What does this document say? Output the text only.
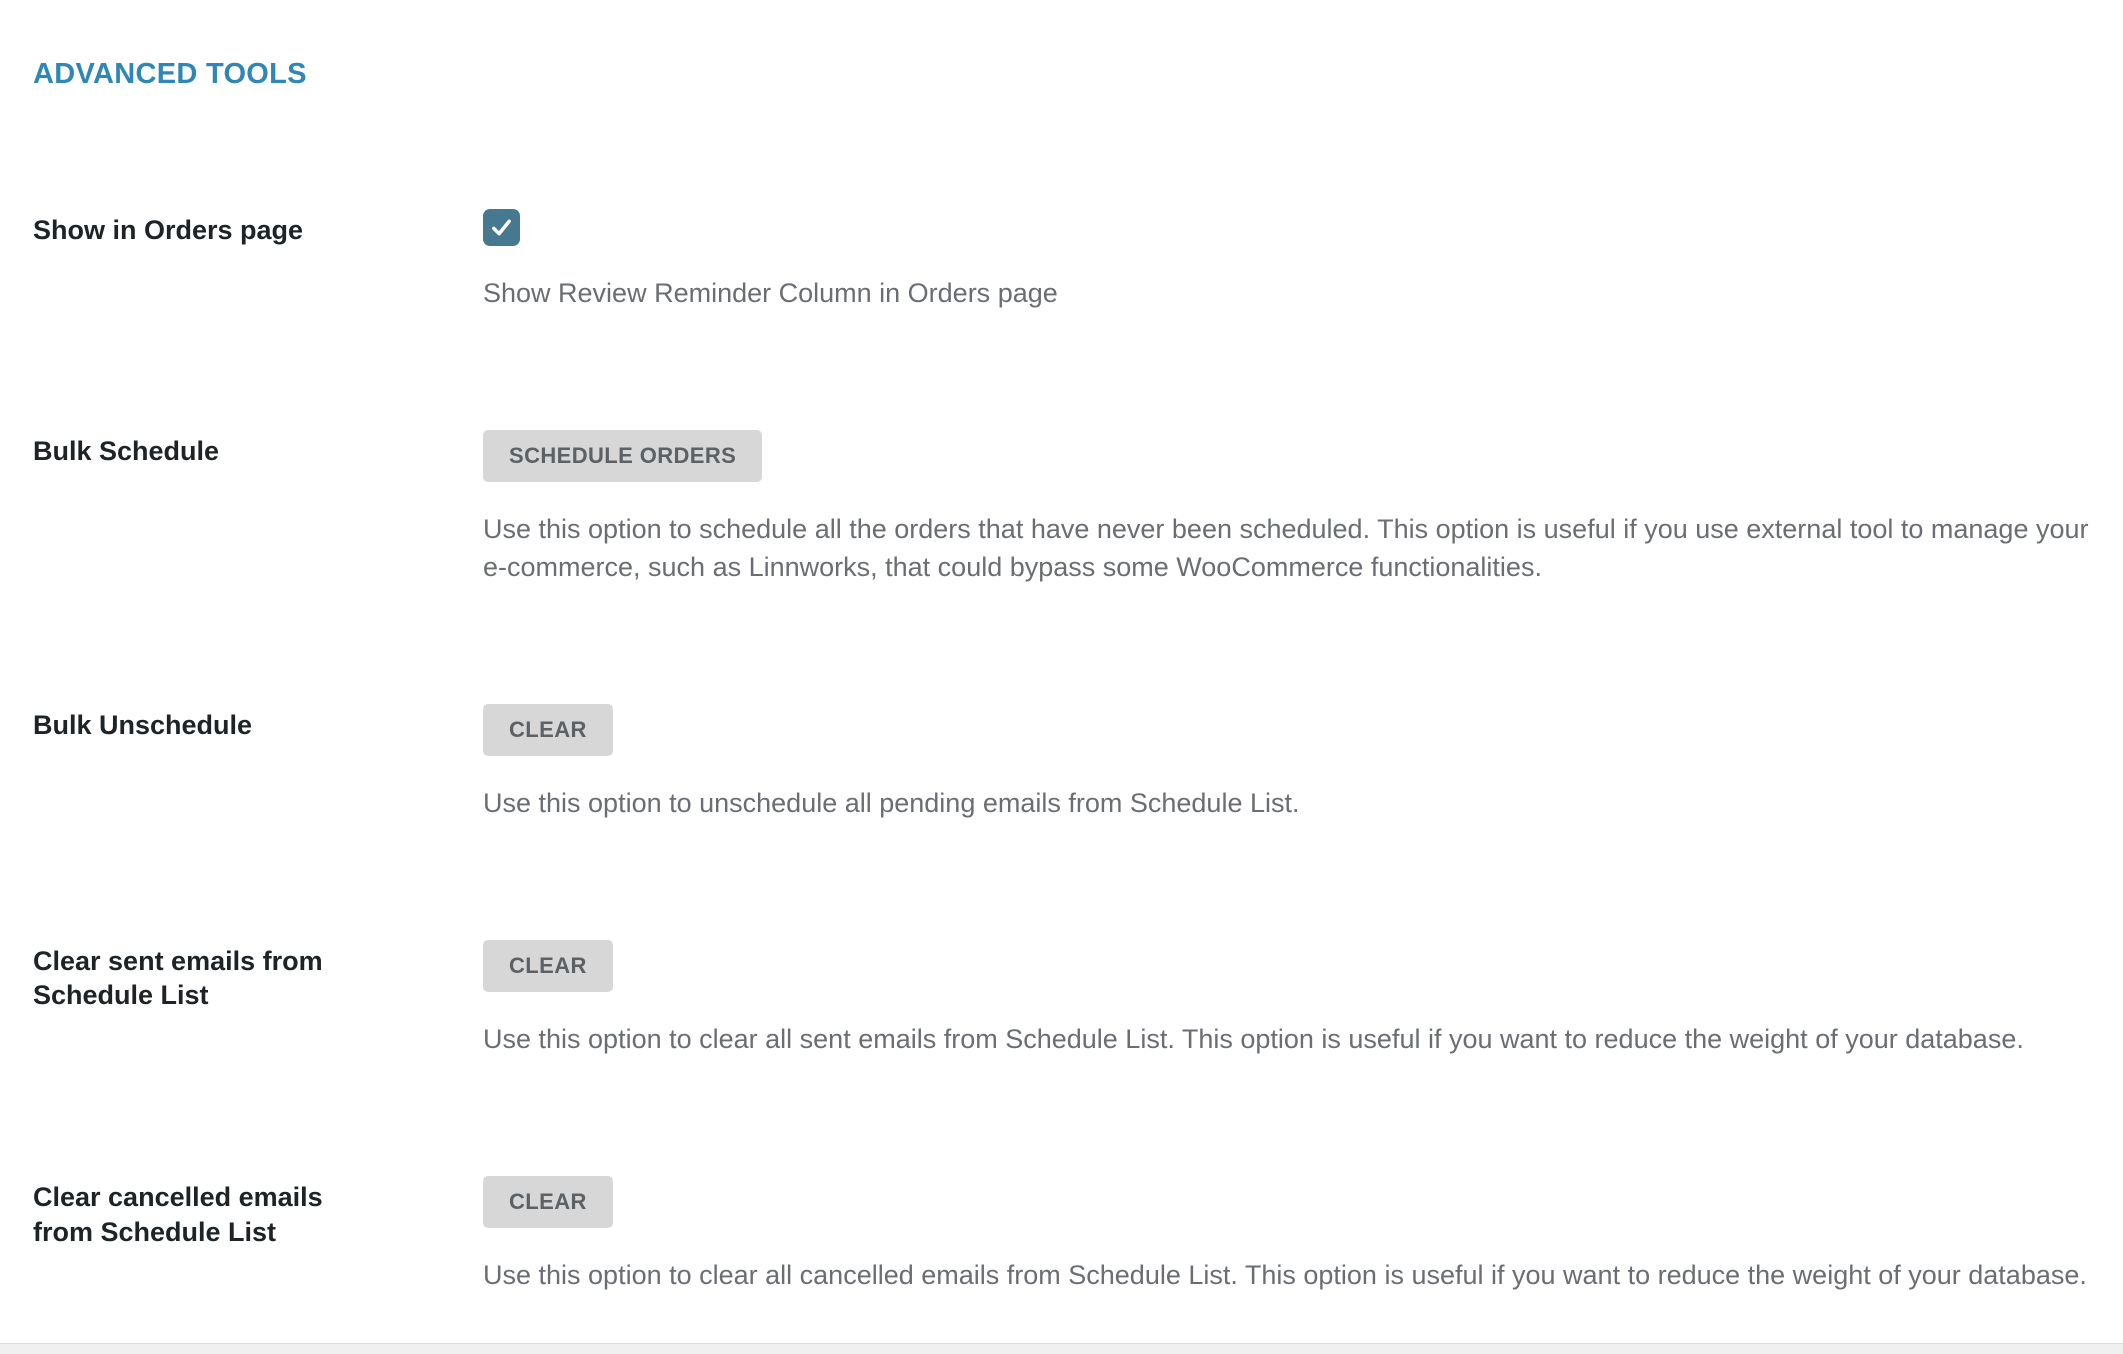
ADVANCED TOOLS
Show in Orders page

Show Review Reminder Column in Orders page

Bulk Schedule	SCHEDULE ORDERS

Use this option to schedule all the orders that have never been scheduled. This option is useful if you use external tool to manage your e-commerce, such as Linnworks, that could bypass some WooCommerce functionalities.

Bulk Unschedule	CLEAR

Use this option to unschedule all pending emails from Schedule List.

Clear sent emails from Schedule List
CLEAR

Use this option to clear all sent emails from Schedule List. This option is useful if you want to reduce the weight of your database.

Clear cancelled emails from Schedule List
CLEAR

Use this option to clear all cancelled emails from Schedule List. This option is useful if you want to reduce the weight of your database.
